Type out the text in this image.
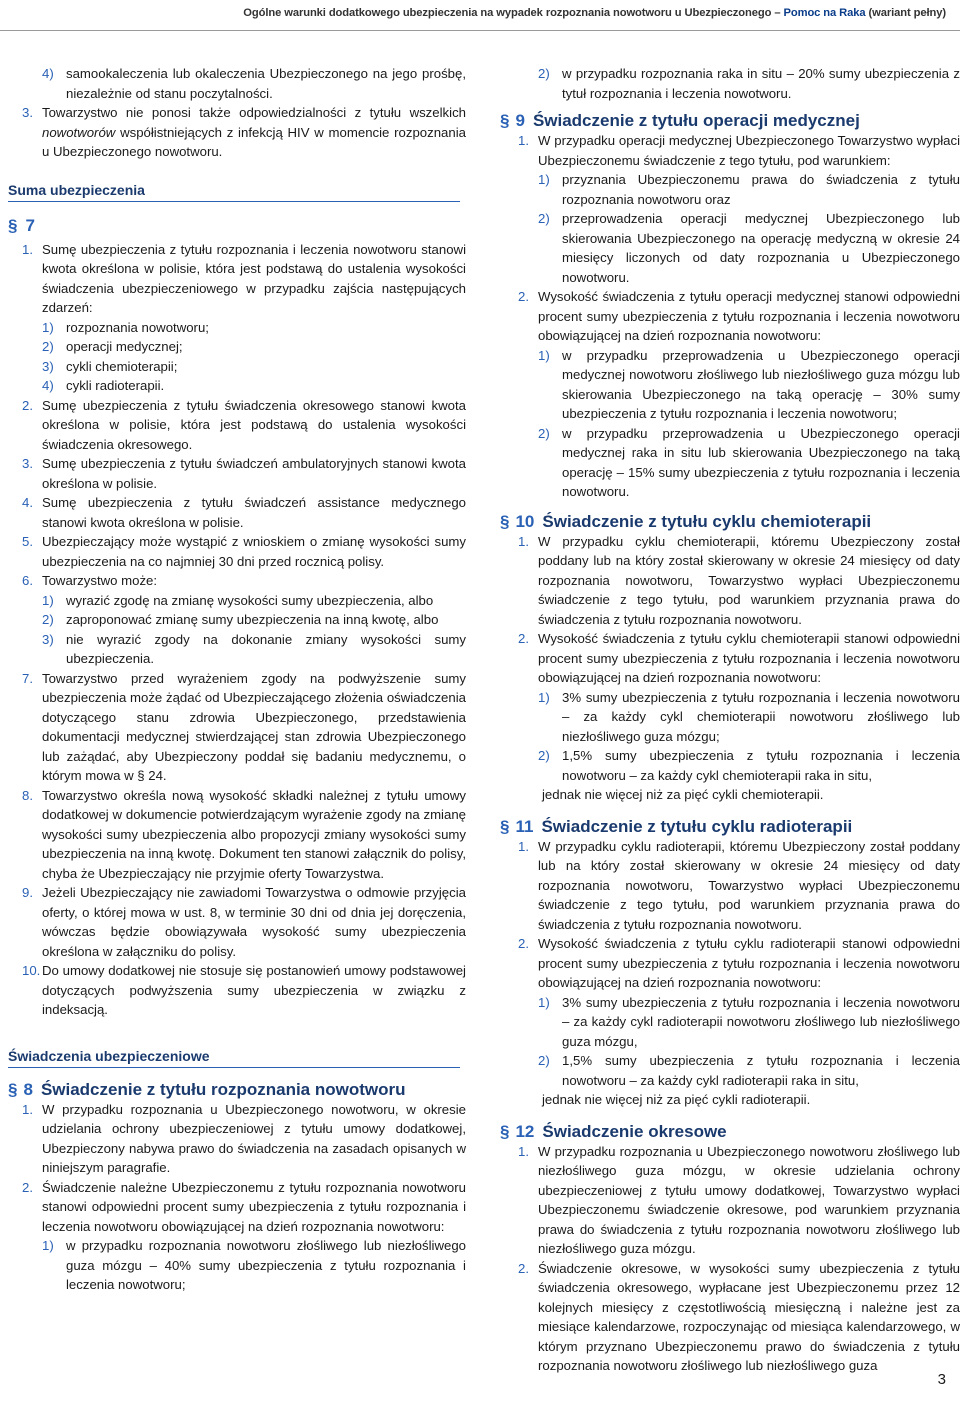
Ogólne warunki dodatkowego ubezpieczenia na wypadek rozpoznania nowotworu u Ubezpieczonego – Pomoc na Raka (wariant pełny)
4) samookaleczenia lub okaleczenia Ubezpieczonego na jego prośbę, niezależnie od stanu poczytalności.
3. Towarzystwo nie ponosi także odpowiedzialności z tytułu wszelkich nowotworów współistniejących z infekcją HIV w momencie rozpoznania u Ubezpieczonego nowotworu.
Suma ubezpieczenia
§ 7
1. Sumę ubezpieczenia z tytułu rozpoznania i leczenia nowotworu stanowi kwota określona w polisie, która jest podstawą do ustalenia wysokości świadczenia ubezpieczeniowego w przypadku zajścia następujących zdarzeń:
1) rozpoznania nowotworu;
2) operacji medycznej;
3) cykli chemioterapii;
4) cykli radioterapii.
2. Sumę ubezpieczenia z tytułu świadczenia okresowego stanowi kwota określona w polisie, która jest podstawą do ustalenia wysokości świadczenia okresowego.
3. Sumę ubezpieczenia z tytułu świadczeń ambulatoryjnych stanowi kwota określona w polisie.
4. Sumę ubezpieczenia z tytułu świadczeń assistance medycznego stanowi kwota określona w polisie.
5. Ubezpieczający może wystąpić z wnioskiem o zmianę wysokości sumy ubezpieczenia na co najmniej 30 dni przed rocznicą polisy.
6. Towarzystwo może:
1) wyrazić zgodę na zmianę wysokości sumy ubezpieczenia, albo
2) zaproponować zmianę sumy ubezpieczenia na inną kwotę, albo
3) nie wyrazić zgody na dokonanie zmiany wysokości sumy ubezpieczenia.
7. Towarzystwo przed wyrażeniem zgody na podwyższenie sumy ubezpieczenia może żądać od Ubezpieczającego złożenia oświadczenia dotyczącego stanu zdrowia Ubezpieczonego, przedstawienia dokumentacji medycznej stwierdzającej stan zdrowia Ubezpieczonego lub zażądać, aby Ubezpieczony poddał się badaniu medycznemu, o którym mowa w § 24.
8. Towarzystwo określa nową wysokość składki należnej z tytułu umowy dodatkowej w dokumencie potwierdzającym wyrażenie zgody na zmianę wysokości sumy ubezpieczenia albo propozycji zmiany wysokości sumy ubezpieczenia na inną kwotę. Dokument ten stanowi załącznik do polisy, chyba że Ubezpieczający nie przyjmie oferty Towarzystwa.
9. Jeżeli Ubezpieczający nie zawiadomi Towarzystwa o odmowie przyjęcia oferty, o której mowa w ust. 8, w terminie 30 dni od dnia jej doręczenia, wówczas będzie obowiązywała wysokość sumy ubezpieczenia określona w załączniku do polisy.
10. Do umowy dodatkowej nie stosuje się postanowień umowy podstawowej dotyczących podwyższenia sumy ubezpieczenia w związku z indeksacją.
Świadczenia ubezpieczeniowe
§ 8 Świadczenie z tytułu rozpoznania nowotworu
1. W przypadku rozpoznania u Ubezpieczonego nowotworu, w okresie udzielania ochrony ubezpieczeniowej z tytułu umowy dodatkowej, Ubezpieczony nabywa prawo do świadczenia na zasadach opisanych w niniejszym paragrafie.
2. Świadczenie należne Ubezpieczonemu z tytułu rozpoznania nowotworu stanowi odpowiedni procent sumy ubezpieczenia z tytułu rozpoznania i leczenia nowotworu obowiązującej na dzień rozpoznania nowotworu:
1) w przypadku rozpoznania nowotworu złośliwego lub niezłośliwego guza mózgu – 40% sumy ubezpieczenia z tytułu rozpoznania i leczenia nowotworu;
2) w przypadku rozpoznania raka in situ – 20% sumy ubezpieczenia z tytuł rozpoznania i leczenia nowotworu.
§ 9 Świadczenie z tytułu operacji medycznej
1. W przypadku operacji medycznej Ubezpieczonego Towarzystwo wypłaci Ubezpieczonemu świadczenie z tego tytułu, pod warunkiem:
1) przyznania Ubezpieczonemu prawa do świadczenia z tytułu rozpoznania nowotworu oraz
2) przeprowadzenia operacji medycznej Ubezpieczonego lub skierowania Ubezpieczonego na operację medyczną w okresie 24 miesięcy liczonych od daty rozpoznania u Ubezpieczonego nowotworu.
2. Wysokość świadczenia z tytułu operacji medycznej stanowi odpowiedni procent sumy ubezpieczenia z tytułu rozpoznania i leczenia nowotworu obowiązującej na dzień rozpoznania nowotworu:
1) w przypadku przeprowadzenia u Ubezpieczonego operacji medycznej nowotworu złośliwego lub niezłośliwego guza mózgu lub skierowania Ubezpieczonego na taką operację – 30% sumy ubezpieczenia z tytułu rozpoznania i leczenia nowotworu;
2) w przypadku przeprowadzenia u Ubezpieczonego operacji medycznej raka in situ lub skierowania Ubezpieczonego na taką operację – 15% sumy ubezpieczenia z tytułu rozpoznania i leczenia nowotworu.
§ 10 Świadczenie z tytułu cyklu chemioterapii
1. W przypadku cyklu chemioterapii, któremu Ubezpieczony został poddany lub na który został skierowany w okresie 24 miesięcy od daty rozpoznania nowotworu, Towarzystwo wypłaci Ubezpieczonemu świadczenie z tego tytułu, pod warunkiem przyznania prawa do świadczenia z tytułu rozpoznania nowotworu.
2. Wysokość świadczenia z tytułu cyklu chemioterapii stanowi odpowiedni procent sumy ubezpieczenia z tytułu rozpoznania i leczenia nowotworu obowiązującej na dzień rozpoznania nowotworu:
1) 3% sumy ubezpieczenia z tytułu rozpoznania i leczenia nowotworu – za każdy cykl chemioterapii nowotworu złośliwego lub niezłośliwego guza mózgu;
2) 1,5% sumy ubezpieczenia z tytułu rozpoznania i leczenia nowotworu – za każdy cykl chemioterapii raka in situ,
jednak nie więcej niż za pięć cykli chemioterapii.
§ 11 Świadczenie z tytułu cyklu radioterapii
1. W przypadku cyklu radioterapii, któremu Ubezpieczony został poddany lub na który został skierowany w okresie 24 miesięcy od daty rozpoznania nowotworu, Towarzystwo wypłaci Ubezpieczonemu świadczenie z tego tytułu, pod warunkiem przyznania prawa do świadczenia z tytułu rozpoznania nowotworu.
2. Wysokość świadczenia z tytułu cyklu radioterapii stanowi odpowiedni procent sumy ubezpieczenia z tytułu rozpoznania i leczenia nowotworu obowiązującej na dzień rozpoznania nowotworu:
1) 3% sumy ubezpieczenia z tytułu rozpoznania i leczenia nowotworu – za każdy cykl radioterapii nowotworu złośliwego lub niezłośliwego guza mózgu,
2) 1,5% sumy ubezpieczenia z tytułu rozpoznania i leczenia nowotworu – za każdy cykl radioterapii raka in situ,
jednak nie więcej niż za pięć cykli radioterapii.
§ 12 Świadczenie okresowe
1. W przypadku rozpoznania u Ubezpieczonego nowotworu złośliwego lub niezłośliwego guza mózgu, w okresie udzielania ochrony ubezpieczeniowej z tytułu umowy dodatkowej, Towarzystwo wypłaci Ubezpieczonemu świadczenie okresowe, pod warunkiem przyznania prawa do świadczenia z tytułu rozpoznania nowotworu złośliwego lub niezłośliwego guza mózgu.
2. Świadczenie okresowe, w wysokości sumy ubezpieczenia z tytułu świadczenia okresowego, wypłacane jest Ubezpieczonemu przez 12 kolejnych miesięcy z częstotliwością miesięczną i należne jest za miesiące kalendarzowe, rozpoczynając od miesiąca kalendarzowego, w którym przyznano Ubezpieczonemu prawo do świadczenia z tytułu rozpoznania nowotworu złośliwego lub niezłośliwego guza
3
